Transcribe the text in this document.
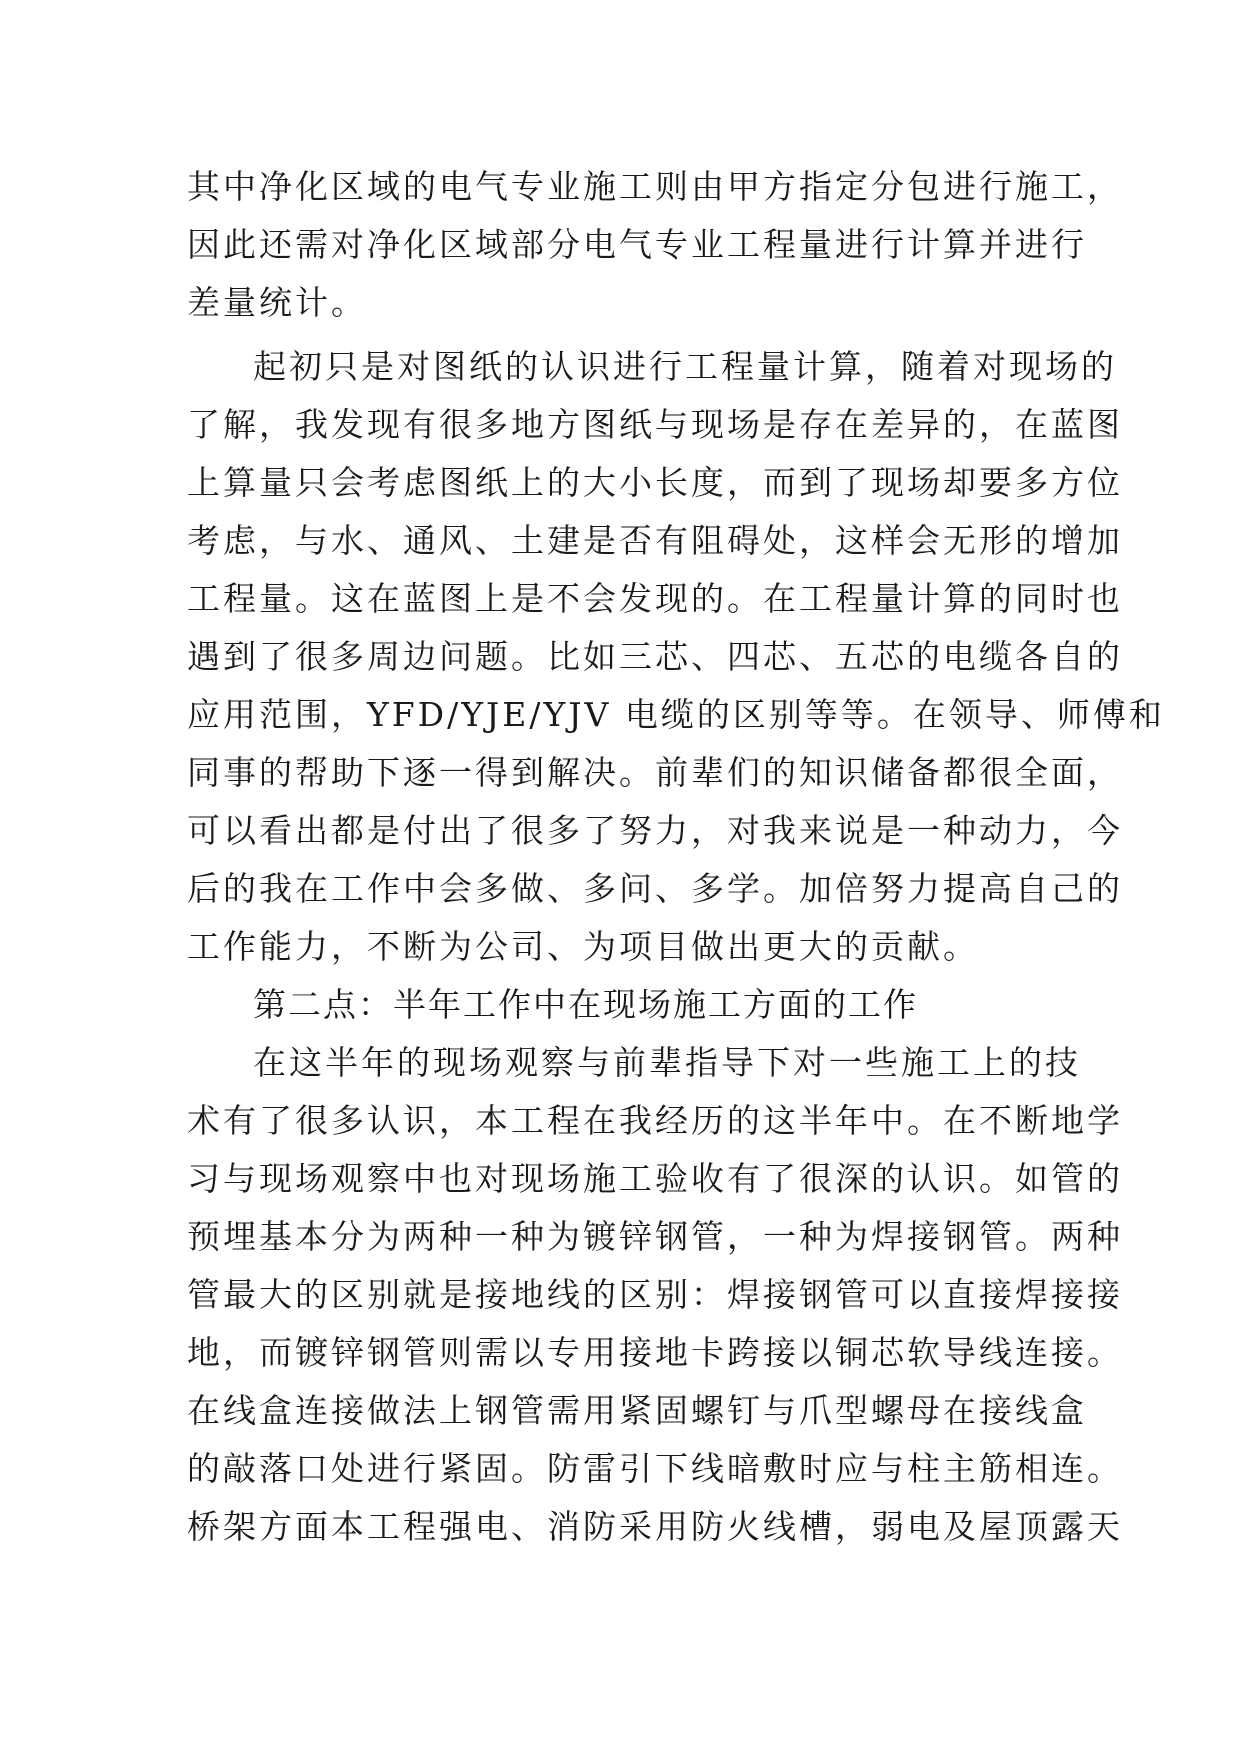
其中净化区域的电气专业施工则由甲方指定分包进行施工，
因此还需对净化区域部分电气专业工程量进行计算并进行
差量统计。
起初只是对图纸的认识进行工程量计算，随着对现场的
了解，我发现有很多地方图纸与现场是存在差异的，在蓝图
上算量只会考虑图纸上的大小长度，而到了现场却要多方位
考虑，与水、通风、土建是否有阻碍处，这样会无形的增加
工程量。这在蓝图上是不会发现的。在工程量计算的同时也
遇到了很多周边问题。比如三芯、四芯、五芯的电缆各自的
应用范围，YFD/YJE/YJV 电缆的区别等等。在领导、师傅和
同事的帮助下逐一得到解决。前辈们的知识储备都很全面，
可以看出都是付出了很多了努力，对我来说是一种动力，今
后的我在工作中会多做、多问、多学。加倍努力提高自己的
工作能力，不断为公司、为项目做出更大的贡献。
第二点：半年工作中在现场施工方面的工作
在这半年的现场观察与前辈指导下对一些施工上的技
术有了很多认识，本工程在我经历的这半年中。在不断地学
习与现场观察中也对现场施工验收有了很深的认识。如管的
预埋基本分为两种一种为镀锌钢管，一种为焊接钢管。两种
管最大的区别就是接地线的区别：焊接钢管可以直接焊接接
地，而镀锌钢管则需以专用接地卡跨接以铜芯软导线连接。
在线盒连接做法上钢管需用紧固螺钉与爪型螺母在接线盒
的敲落口处进行紧固。防雷引下线暗敷时应与柱主筋相连。
桥架方面本工程强电、消防采用防火线槽，弱电及屋顶露天
